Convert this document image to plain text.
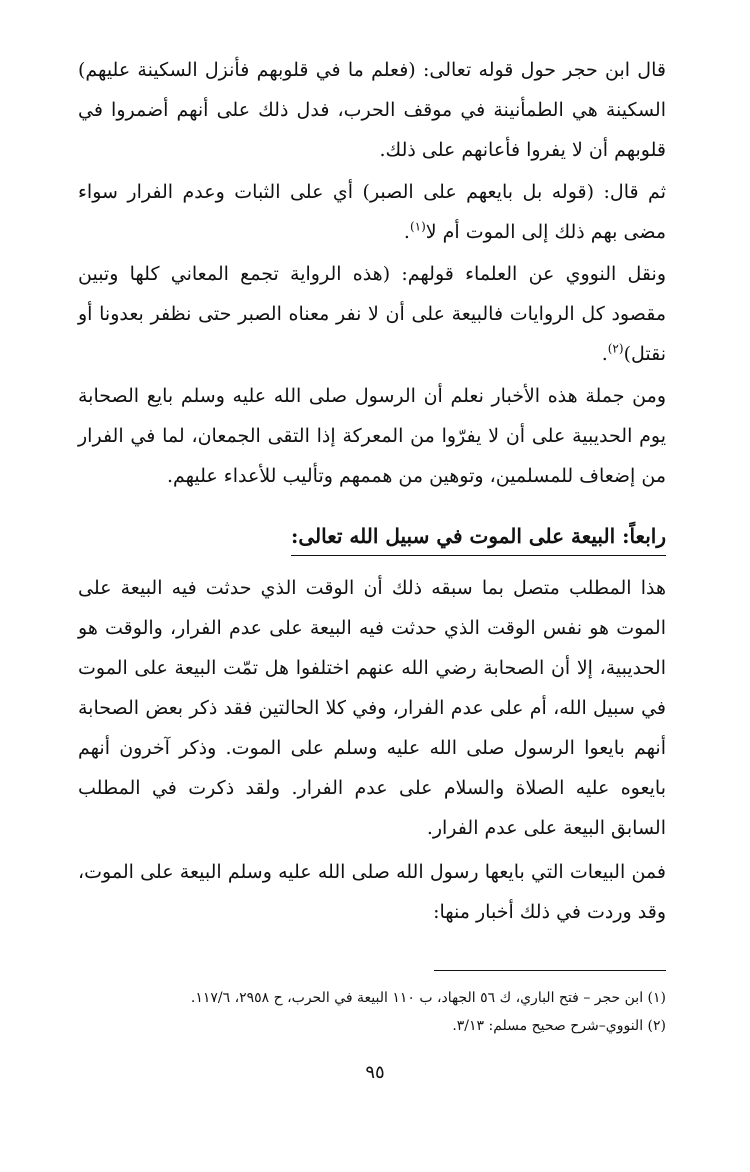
قال ابن حجر حول قوله تعالى: (فعلم ما في قلوبهم فأنزل السكينة عليهم) السكينة هي الطمأنينة في موقف الحرب، فدل ذلك على أنهم أضمروا في قلوبهم أن لا يفروا فأعانهم على ذلك.

ثم قال: (قوله بل بايعهم على الصبر) أي على الثبات وعدم الفرار سواء مضى بهم ذلك إلى الموت أم لا$^{(١)}$.

ونقل النووي عن العلماء قولهم: (هذه الرواية تجمع المعاني كلها وتبين مقصود كل الروايات فالبيعة على أن لا نفر معناه الصبر حتى نظفر بعدونا أو نقتل)$^{(٢)}$.

ومن جملة هذه الأخبار نعلم أن الرسول صلى الله عليه وسلم بايع الصحابة يوم الحديبية على أن لا يفرّوا من المعركة إذا التقى الجمعان، لما في الفرار من إضعاف للمسلمين، وتوهين من هممهم وتأليب للأعداء عليهم.

رابعاً: البيعة على الموت في سبيل الله تعالى:

هذا المطلب متصل بما سبقه ذلك أن الوقت الذي حدثت فيه البيعة على الموت هو نفس الوقت الذي حدثت فيه البيعة على عدم الفرار، والوقت هو الحديبية، إلا أن الصحابة رضي الله عنهم اختلفوا هل تمّت البيعة على الموت في سبيل الله، أم على عدم الفرار، وفي كلا الحالتين فقد ذكر بعض الصحابة أنهم بايعوا الرسول صلى الله عليه وسلم على الموت. وذكر آخرون أنهم بايعوه عليه الصلاة والسلام على عدم الفرار. ولقد ذكرت في المطلب السابق البيعة على عدم الفرار.

فمن البيعات التي بايعها رسول الله صلى الله عليه وسلم البيعة على الموت، وقد وردت في ذلك أخبار منها:

(١) ابن حجر – فتح الباري، ك ٥٦ الجهاد، ب ١١٠ البيعة في الحرب، ح ٢٩٥٨، ١١٧/٦.

(٢) النووي–شرح صحيح مسلم: ٣/١٣.

٩٥
